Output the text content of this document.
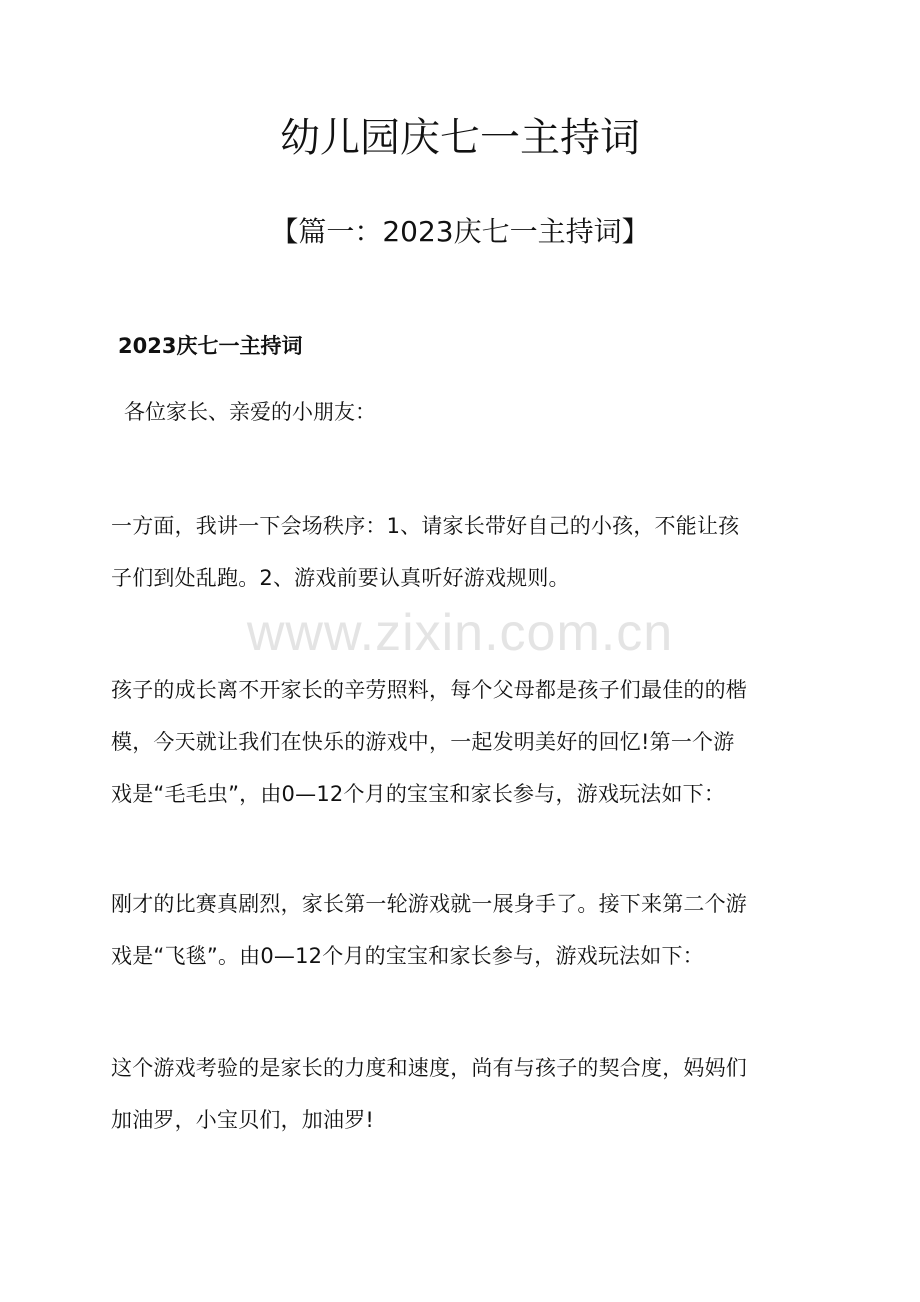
幼儿园庆七一主持词
【篇一：2023庆七一主持词】
2023庆七一主持词

各位家长、亲爱的小朋友：

www.zixin.com.cn

一方面，我讲一下会场秩序：1、请家长带好自己的小孩，不能让孩
子们到处乱跑。2、游戏前要认真听好游戏规则。

孩子的成长离不开家长的辛劳照料，每个父母都是孩子们最佳的的楷
模，今天就让我们在快乐的游戏中，一起发明美好的回忆!第一个游
戏是“毛毛虫”，由0—12个月的宝宝和家长参与，游戏玩法如下：

刚才的比赛真剧烈，家长第一轮游戏就一展身手了。接下来第二个游
戏是“飞毯”。由0—12个月的宝宝和家长参与，游戏玩法如下：

这个游戏考验的是家长的力度和速度，尚有与孩子的契合度，妈妈们
加油罗，小宝贝们，加油罗!
